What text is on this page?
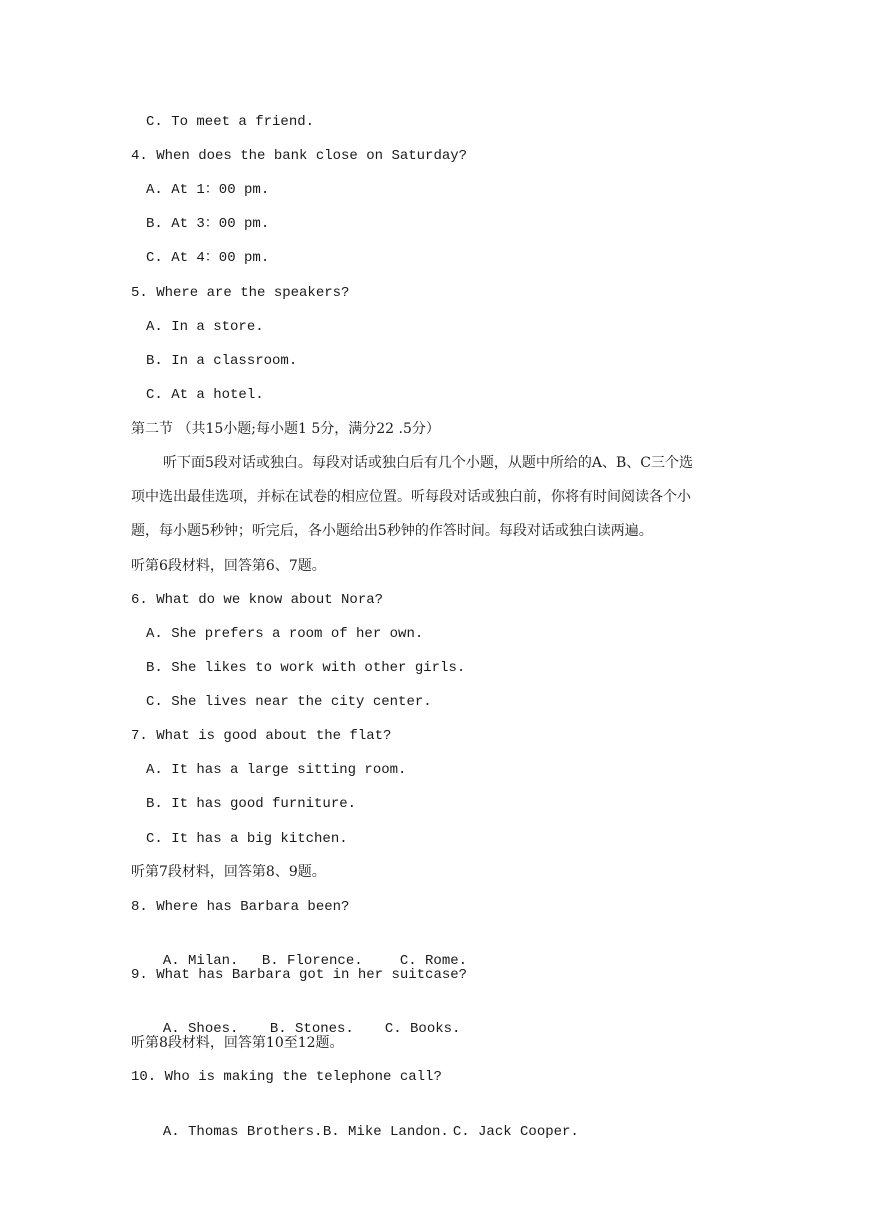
C. To meet a friend.
4. When does the bank close on Saturday?
A. At 1：00 pm.
B. At 3：00 pm.
C. At 4：00 pm.
5. Where are the speakers?
A. In a store.
B. In a classroom.
C. At a hotel.
第二节 （共15小题;每小题1 5分，满分22 .5分）
听下面5段对话或独白。每段对话或独白后有几个小题，从题中所给的A、B、C三个选
项中选出最佳选项，并标在试卷的相应位置。听每段对话或独白前，你将有时间阅读各个小
题，每小题5秒钟；听完后，各小题给出5秒钟的作答时间。每段对话或独白读两遍。
听第6段材料，回答第6、7题。
6. What do we know about Nora?
A. She prefers a room of her own.
B. She likes to work with other girls.
C. She lives near the city center.
7. What is good about the flat?
A. It has a large sitting room.
B. It has good furniture.
C. It has a big kitchen.
听第7段材料，回答第8、9题。
8. Where has Barbara been?

A. Milan. B. Florence.	C. Rome.

9. What has Barbara got in her suitcase?

A. Shoes. B. Stones. C. Books.

听第8段材料，回答第10至12题。
10. Who is making the telephone call?

A. Thomas Brothers.B. Mike Landon. C. Jack Cooper.
